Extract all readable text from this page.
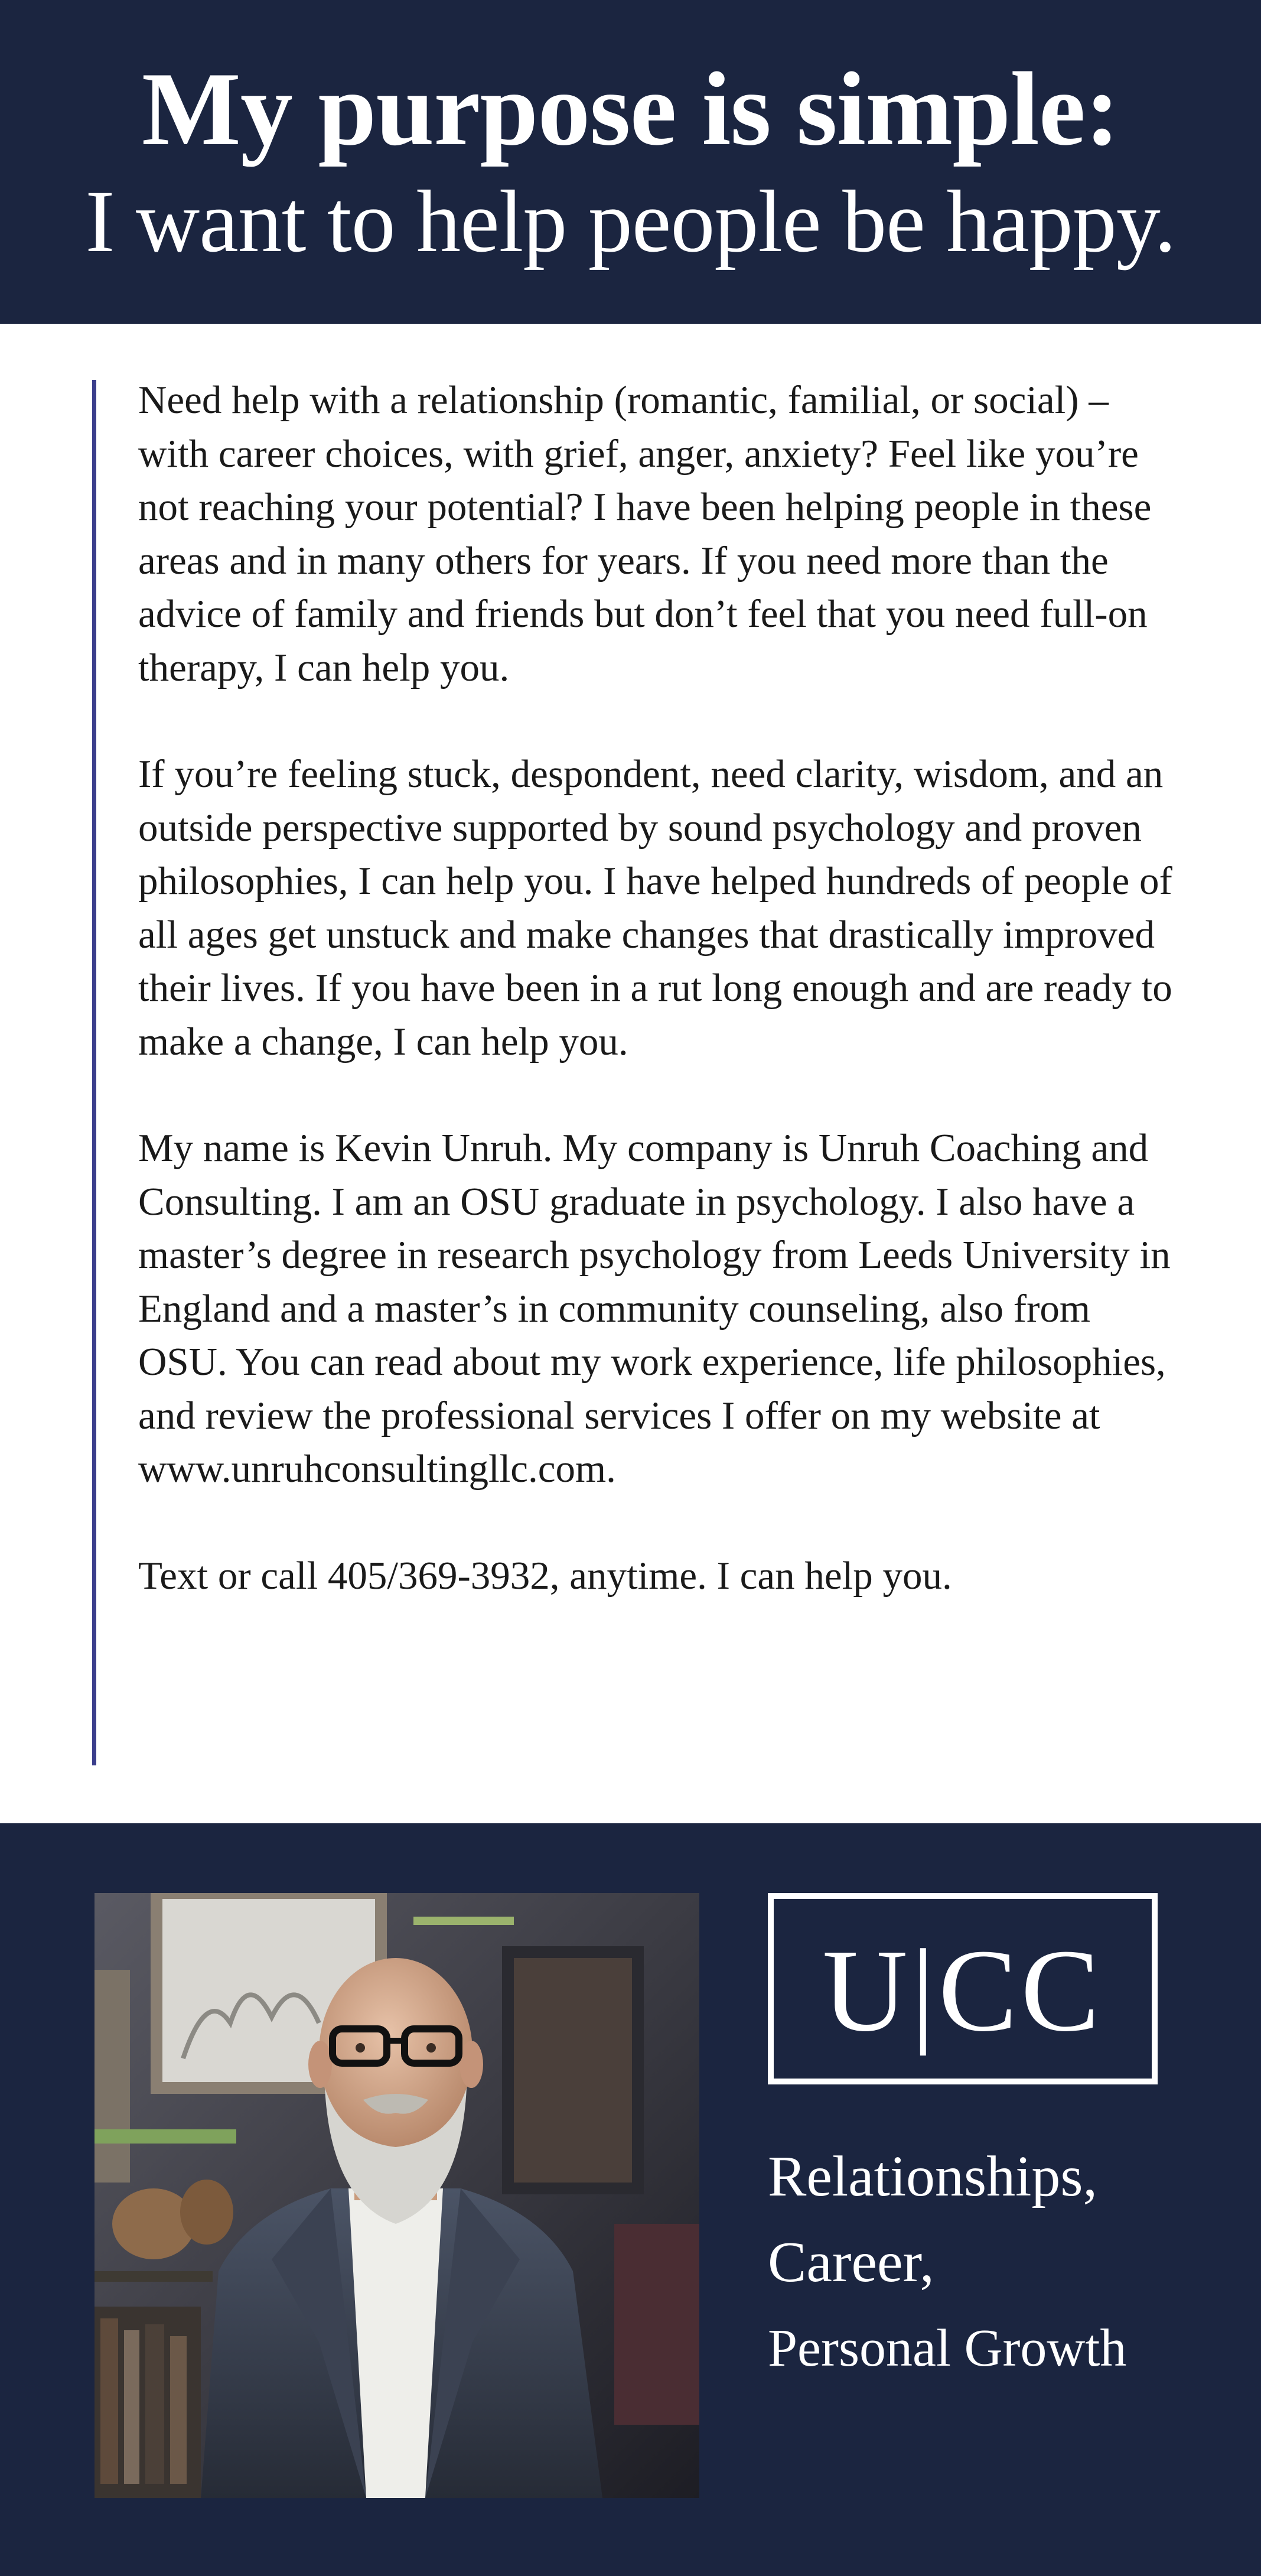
My purpose is simple:
I want to help people be happy.

Need help with a relationship (romantic, familial, or social) – with career choices, with grief, anger, anxiety? Feel like you’re not reaching your potential? I have been helping people in these areas and in many others for years. If you need more than the advice of family and friends but don’t feel that you need full-on therapy, I can help you.

If you’re feeling stuck, despondent, need clarity, wisdom, and an outside perspective supported by sound psychology and proven philosophies, I can help you. I have helped hundreds of people of all ages get unstuck and make changes that drastically improved their lives. If you have been in a rut long enough and are ready to make a change, I can help you.

My name is Kevin Unruh. My company is Unruh Coaching and Consulting. I am an OSU graduate in psychology. I also have a master’s degree in research psychology from Leeds University in England and a master’s in community counseling, also from OSU. You can read about my work experience, life philosophies, and review the professional services I offer on my website at www.unruhconsultingllc.com.

Text or call 405/369-3932, anytime. I can help you.

U|CC
Relationships,
Career,
Personal Growth
